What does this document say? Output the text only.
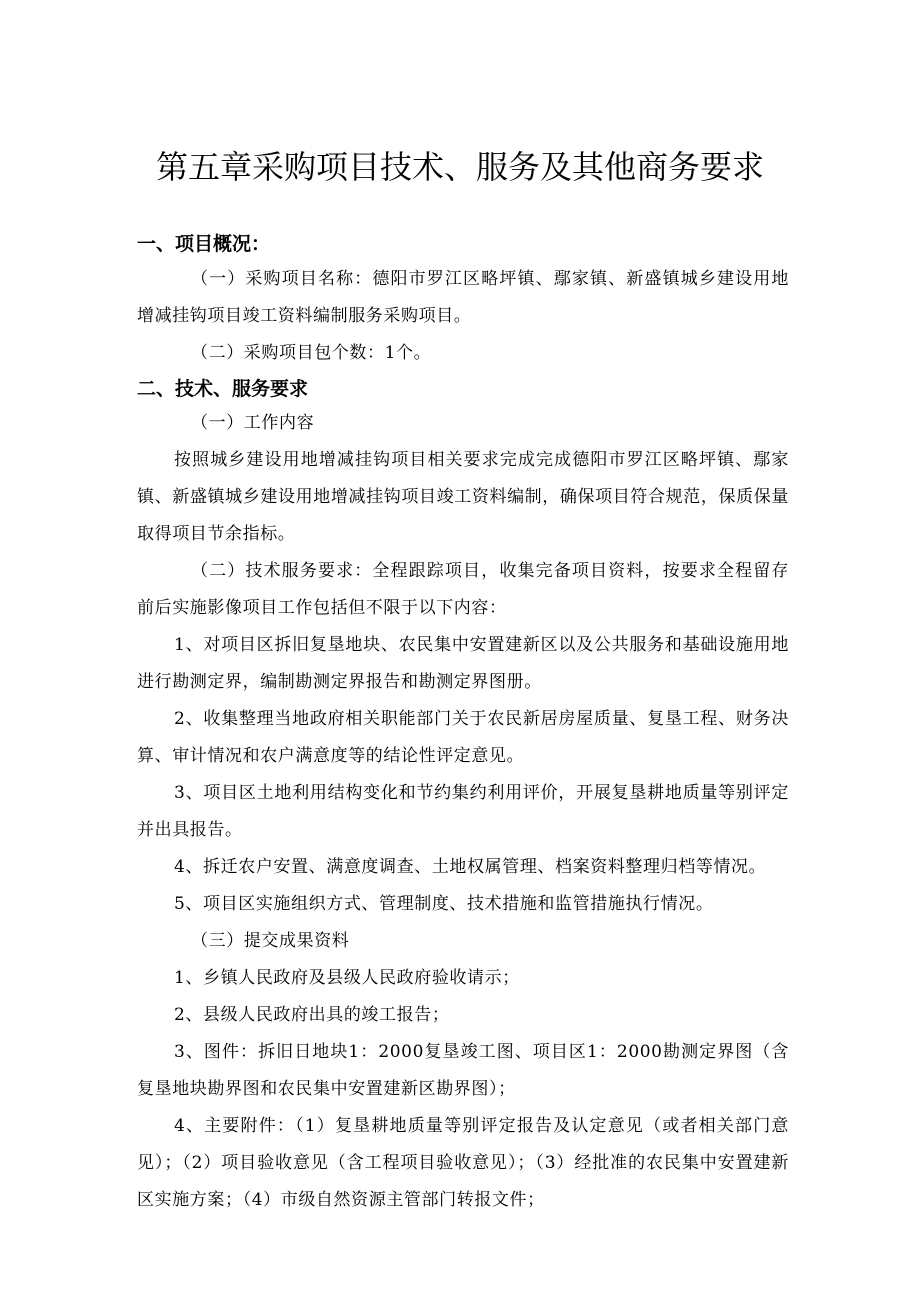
第五章采购项目技术、服务及其他商务要求
一、项目概况：
（一）采购项目名称：德阳市罗江区略坪镇、鄢家镇、新盛镇城乡建设用地增减挂钩项目竣工资料编制服务采购项目。
（二）采购项目包个数：1个。
二、技术、服务要求
（一）工作内容
按照城乡建设用地增减挂钩项目相关要求完成完成德阳市罗江区略坪镇、鄢家镇、新盛镇城乡建设用地增减挂钩项目竣工资料编制，确保项目符合规范，保质保量取得项目节余指标。
（二）技术服务要求：全程跟踪项目，收集完备项目资料，按要求全程留存前后实施影像项目工作包括但不限于以下内容：
1、对项目区拆旧复垦地块、农民集中安置建新区以及公共服务和基础设施用地进行勘测定界，编制勘测定界报告和勘测定界图册。
2、收集整理当地政府相关职能部门关于农民新居房屋质量、复垦工程、财务决算、审计情况和农户满意度等的结论性评定意见。
3、项目区土地利用结构变化和节约集约利用评价，开展复垦耕地质量等别评定并出具报告。
4、拆迁农户安置、满意度调查、土地权属管理、档案资料整理归档等情况。
5、项目区实施组织方式、管理制度、技术措施和监管措施执行情况。
（三）提交成果资料
1、乡镇人民政府及县级人民政府验收请示；
2、县级人民政府出具的竣工报告；
3、图件：拆旧日地块1：2000复垦竣工图、项目区1：2000勘测定界图（含复垦地块勘界图和农民集中安置建新区勘界图）；
4、主要附件：（1）复垦耕地质量等别评定报告及认定意见（或者相关部门意见）；（2）项目验收意见（含工程项目验收意见）；（3）经批准的农民集中安置建新区实施方案；（4）市级自然资源主管部门转报文件；
